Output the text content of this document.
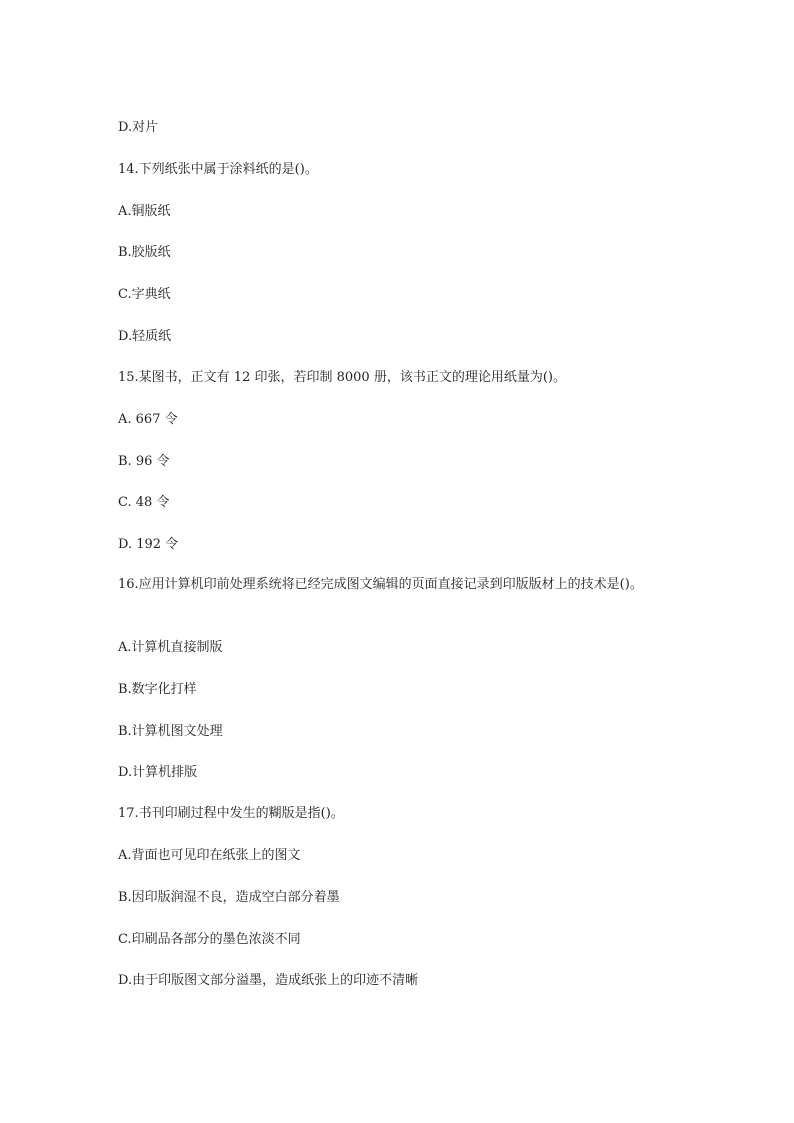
D.对片
14.下列纸张中属于涂料纸的是()。
A.铜版纸
B.胶版纸
C.字典纸
D.轻质纸
15.某图书，正文有 12 印张，若印制 8000 册，该书正文的理论用纸量为()。
A. 667 令
B. 96 令
C. 48 令
D. 192 令
16.应用计算机印前处理系统将已经完成图文编辑的页面直接记录到印版版材上的技术是()。
A.计算机直接制版
B.数字化打样
B.计算机图文处理
D.计算机排版
17.书刊印刷过程中发生的糊版是指()。
A.背面也可见印在纸张上的图文
B.因印版润湿不良，造成空白部分着墨
C.印刷品各部分的墨色浓淡不同
D.由于印版图文部分溢墨，造成纸张上的印迹不清晰
